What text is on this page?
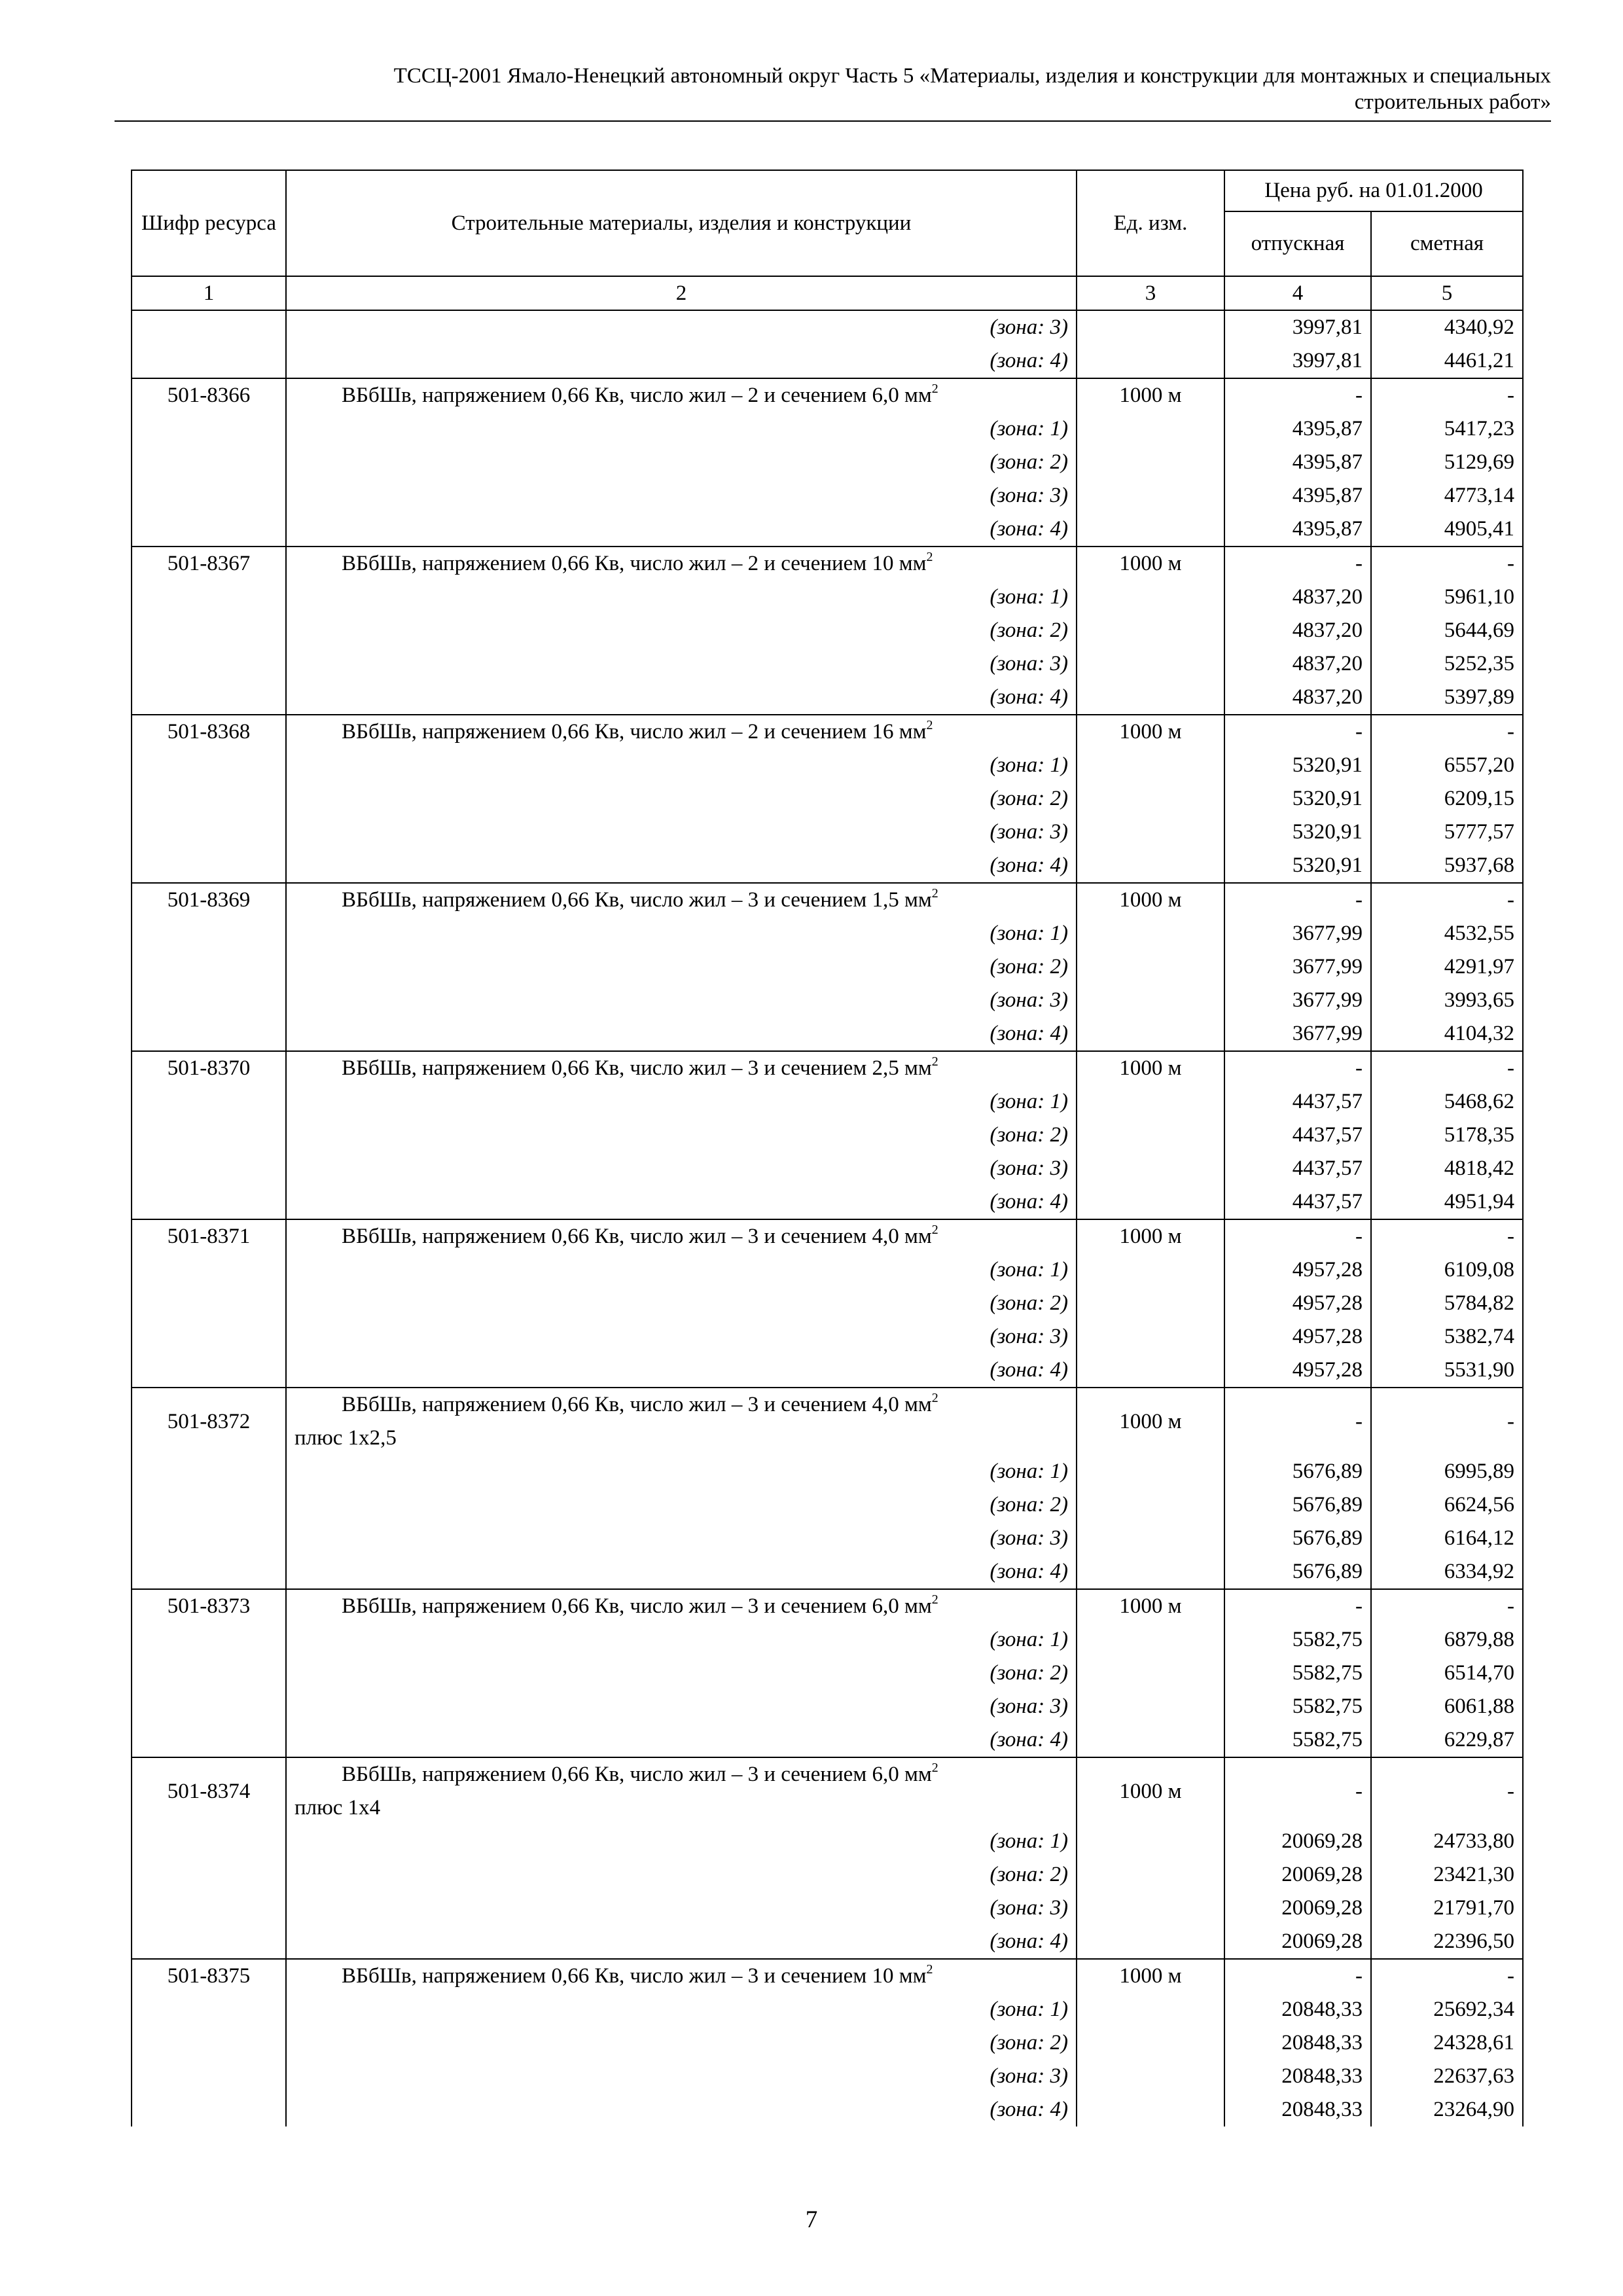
ТССЦ-2001 Ямало-Ненецкий автономный округ Часть 5 «Материалы, изделия и конструкции для монтажных и специальных
строительных работ»
Шифр ресурса	Строительные материалы, изделия и конструкции	Ед. изм.	Цена руб. на 01.01.2000	
			отпускная	сметная
1	2	3	4	5
	(зона: 3)		3997,81	4340,92
	(зона: 4)		3997,81	4461,21
501-8366	ВБбШв, напряжением 0,66 Кв, число жил – 2 и сечением 6,0 $мм^2$	1000 м	-	-
	(зона: 1)		4395,87	5417,23
	(зона: 2)		4395,87	5129,69
	(зона: 3)		4395,87	4773,14
	(зона: 4)		4395,87	4905,41
501-8367	ВБбШв, напряжением 0,66 Кв, число жил – 2 и сечением 10 $мм^2$	1000 м	-	-
	(зона: 1)		4837,20	5961,10
	(зона: 2)		4837,20	5644,69
	(зона: 3)		4837,20	5252,35
	(зона: 4)		4837,20	5397,89
501-8368	ВБбШв, напряжением 0,66 Кв, число жил – 2 и сечением 16 $мм^2$	1000 м	-	-
	(зона: 1)		5320,91	6557,20
	(зона: 2)		5320,91	6209,15
	(зона: 3)		5320,91	5777,57
	(зона: 4)		5320,91	5937,68
501-8369	ВБбШв, напряжением 0,66 Кв, число жил – 3 и сечением 1,5 $мм^2$	1000 м	-	-
	(зона: 1)		3677,99	4532,55
	(зона: 2)		3677,99	4291,97
	(зона: 3)		3677,99	3993,65
	(зона: 4)		3677,99	4104,32
501-8370	ВБбШв, напряжением 0,66 Кв, число жил – 3 и сечением 2,5 $мм^2$	1000 м	-	-
	(зона: 1)		4437,57	5468,62
	(зона: 2)		4437,57	5178,35
	(зона: 3)		4437,57	4818,42
	(зона: 4)		4437,57	4951,94
501-8371	ВБбШв, напряжением 0,66 Кв, число жил – 3 и сечением 4,0 $мм^2$	1000 м	-	-
	(зона: 1)		4957,28	6109,08
	(зона: 2)		4957,28	5784,82
	(зона: 3)		4957,28	5382,74
	(зона: 4)		4957,28	5531,90
501-8372	ВБбШв, напряжением 0,66 Кв, число жил – 3 и сечением 4,0 $мм^2$
плюс 1х2,5	1000 м	-	-
	(зона: 1)		5676,89	6995,89
	(зона: 2)		5676,89	6624,56
	(зона: 3)		5676,89	6164,12
	(зона: 4)		5676,89	6334,92
501-8373	ВБбШв, напряжением 0,66 Кв, число жил – 3 и сечением 6,0 $мм^2$	1000 м	-	-
	(зона: 1)		5582,75	6879,88
	(зона: 2)		5582,75	6514,70
	(зона: 3)		5582,75	6061,88
	(зона: 4)		5582,75	6229,87
501-8374	ВБбШв, напряжением 0,66 Кв, число жил – 3 и сечением 6,0 $мм^2$
плюс 1х4	1000 м	-	-
	(зона: 1)		20069,28	24733,80
	(зона: 2)		20069,28	23421,30
	(зона: 3)		20069,28	21791,70
	(зона: 4)		20069,28	22396,50
501-8375	ВБбШв, напряжением 0,66 Кв, число жил – 3 и сечением 10 $мм^2$	1000 м	-	-
	(зона: 1)		20848,33	25692,34
	(зона: 2)		20848,33	24328,61
	(зона: 3)		20848,33	22637,63
	(зона: 4)		20848,33	23264,90
7
